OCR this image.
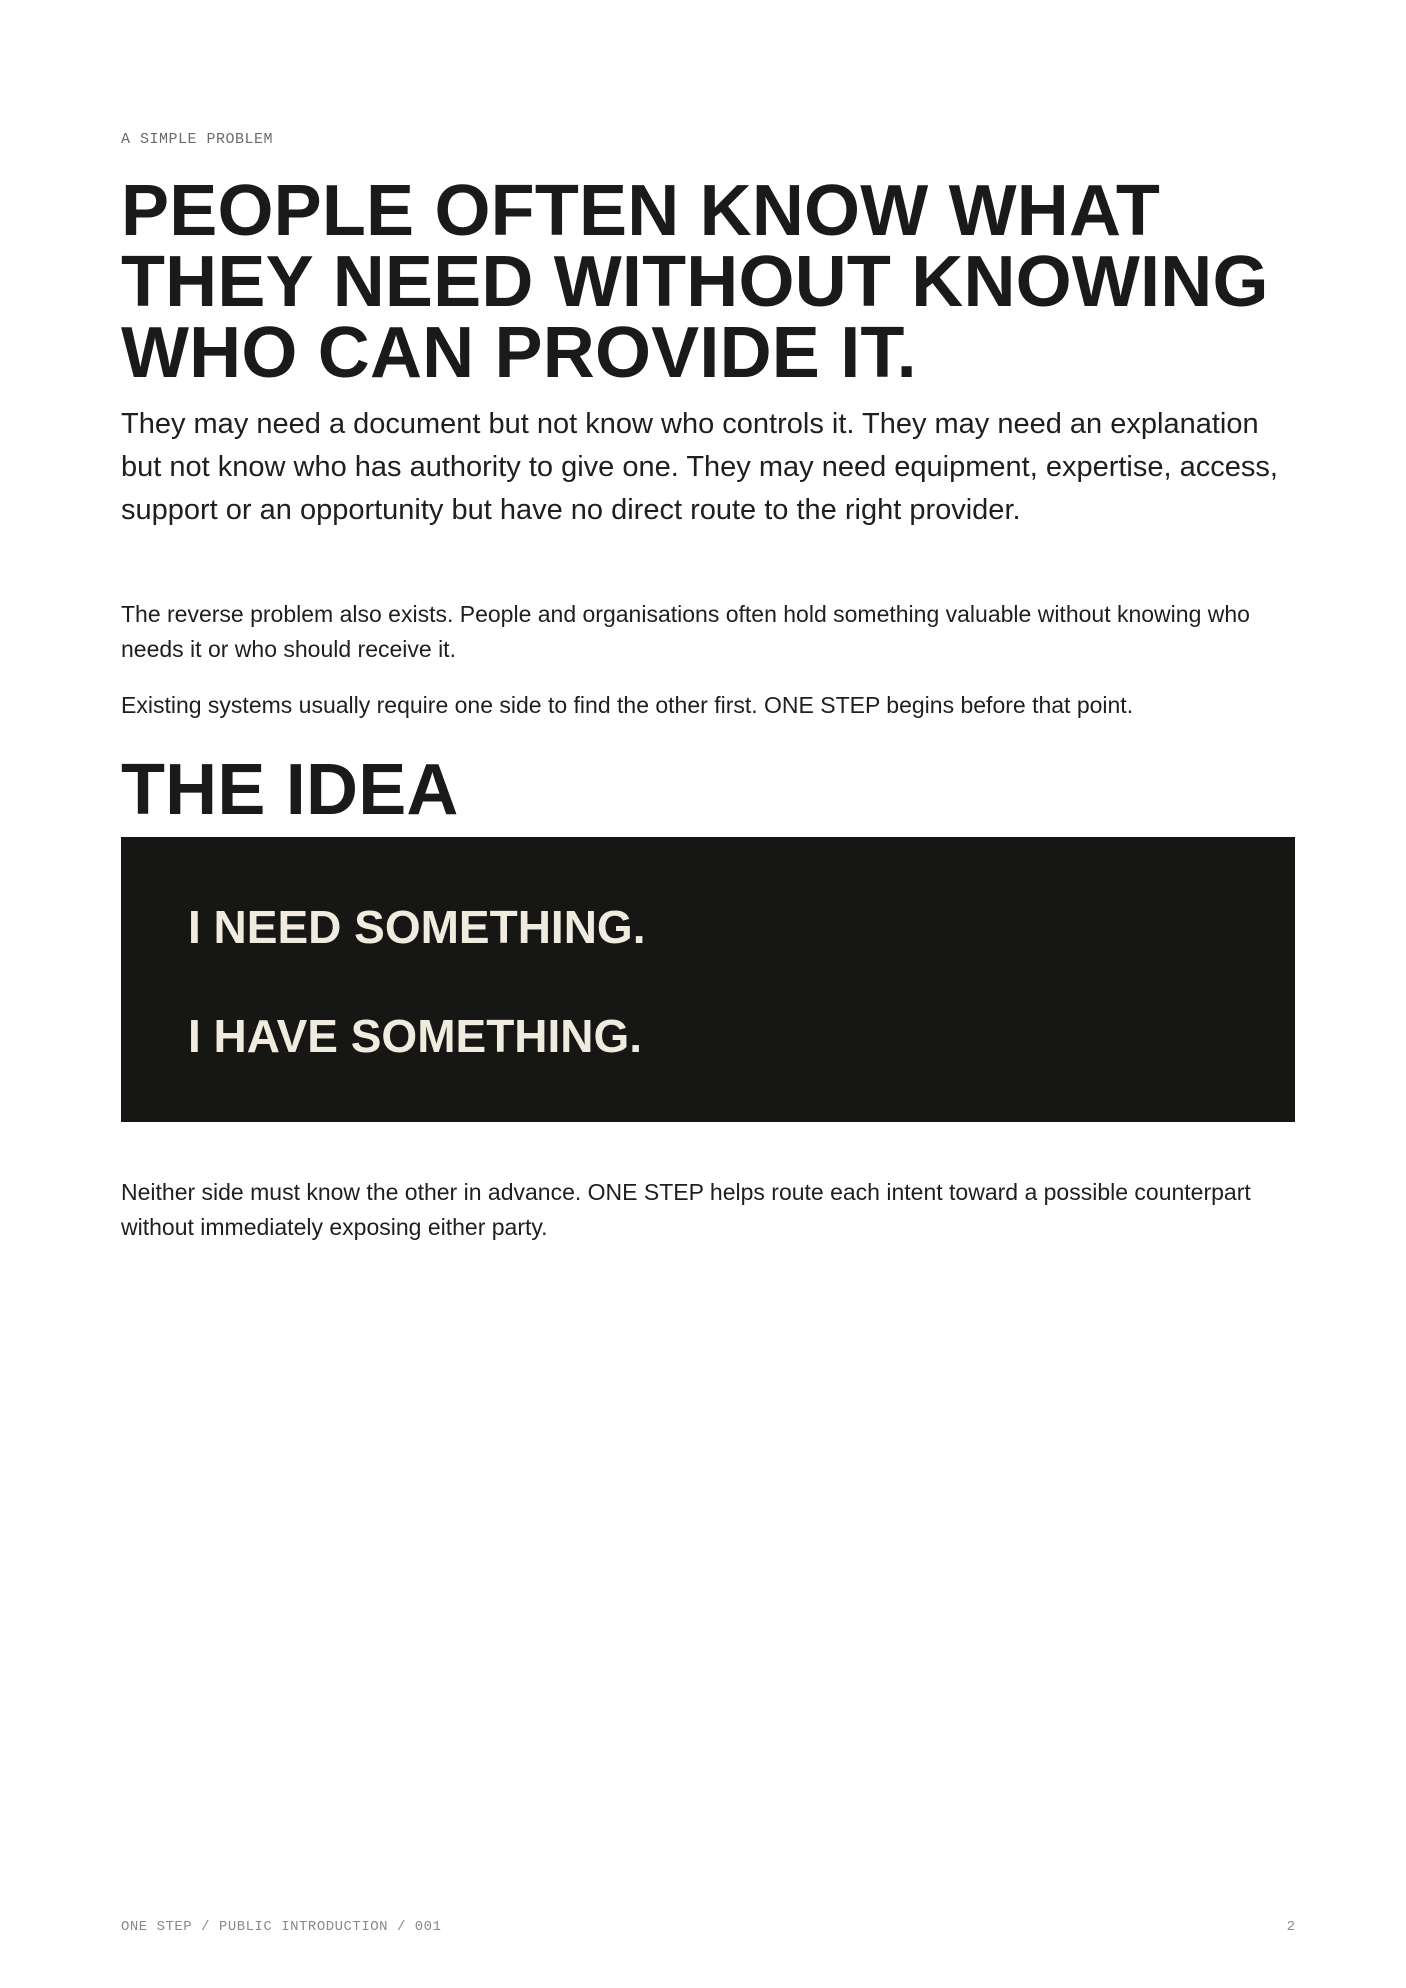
A SIMPLE PROBLEM
PEOPLE OFTEN KNOW WHAT
THEY NEED WITHOUT KNOWING
WHO CAN PROVIDE IT.

They may need a document but not know who controls it. They may need an explanation but not know who has authority to give one. They may need equipment, expertise, access, support or an opportunity but have no direct route to the right provider.

The reverse problem also exists. People and organisations often hold something valuable without knowing who needs it or who should receive it.

Existing systems usually require one side to find the other first. ONE STEP begins before that point.

THE IDEA
I NEED SOMETHING.
I HAVE SOMETHING.

Neither side must know the other in advance. ONE STEP helps route each intent toward a possible counterpart without immediately exposing either party.

ONE STEP / PUBLIC INTRODUCTION / 001	2
